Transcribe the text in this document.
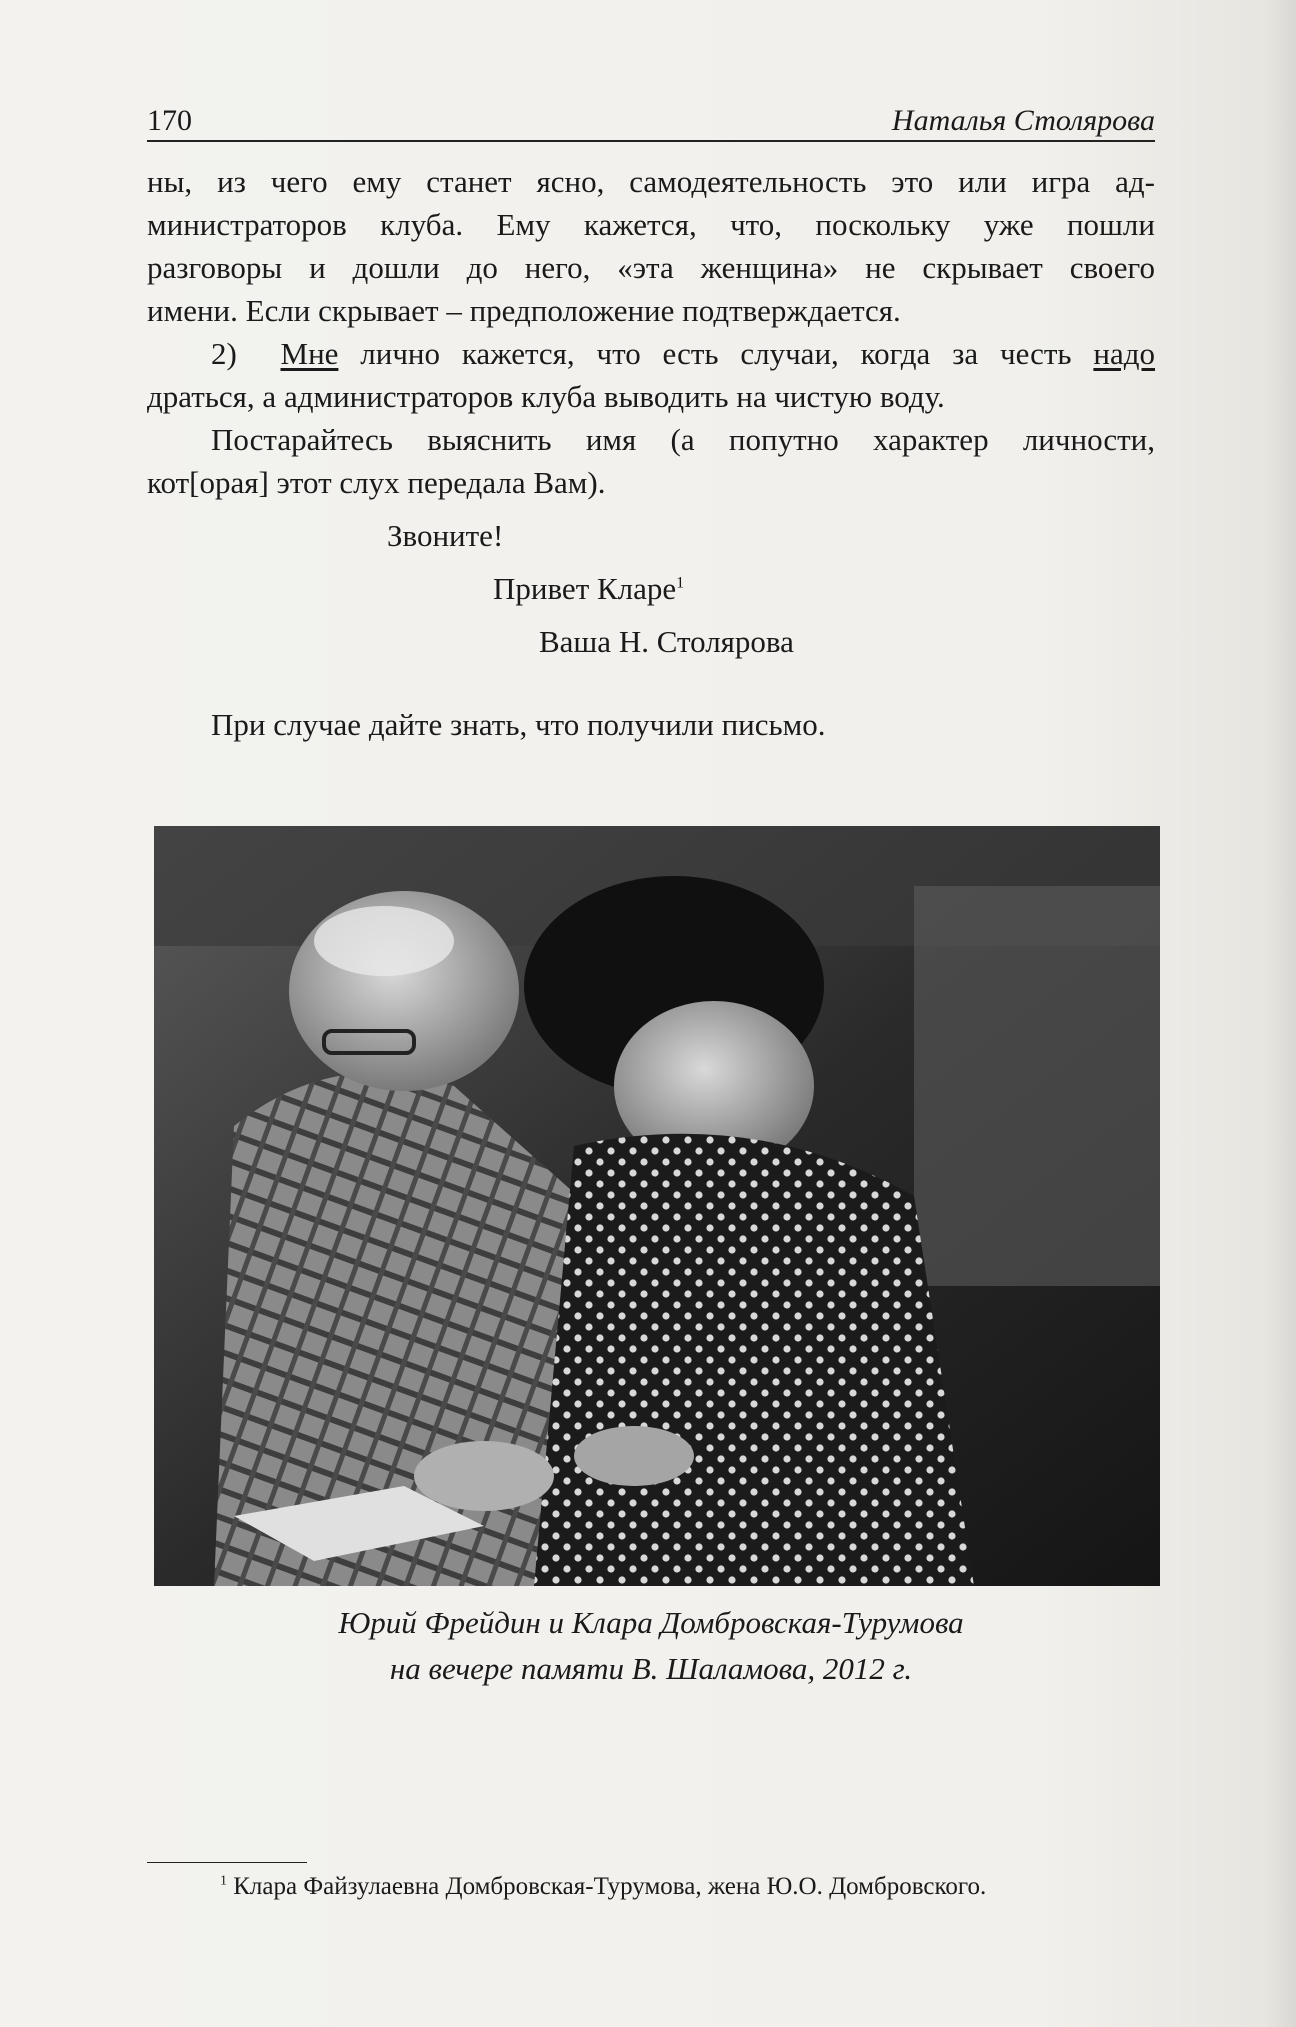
170	Наталья Столярова

ны, из чего ему станет ясно, самодеятельность это или игра ад-

министраторов клуба. Ему кажется, что, поскольку уже пошли

разговоры и дошли до него, «эта женщина» не скрывает своего

имени. Если скрывает – предположение подтверждается.

2) Мне лично кажется, что есть случаи, когда за честь надо

драться, а администраторов клуба выводить на чистую воду.

Постарайтесь выяснить имя (а попутно характер личности,

кот[орая] этот слух передала Вам).

Звоните!

Привет Кларе$^1$

Ваша Н. Столярова

При случае дайте знать, что получили письмо.

Юрий Фрейдин и Клара Домбровская-Турумова

на вечере памяти В. Шаламова, 2012 г.

$^1$ Клара Файзулаевна Домбровская-Турумова, жена Ю.О. Домбровского.
